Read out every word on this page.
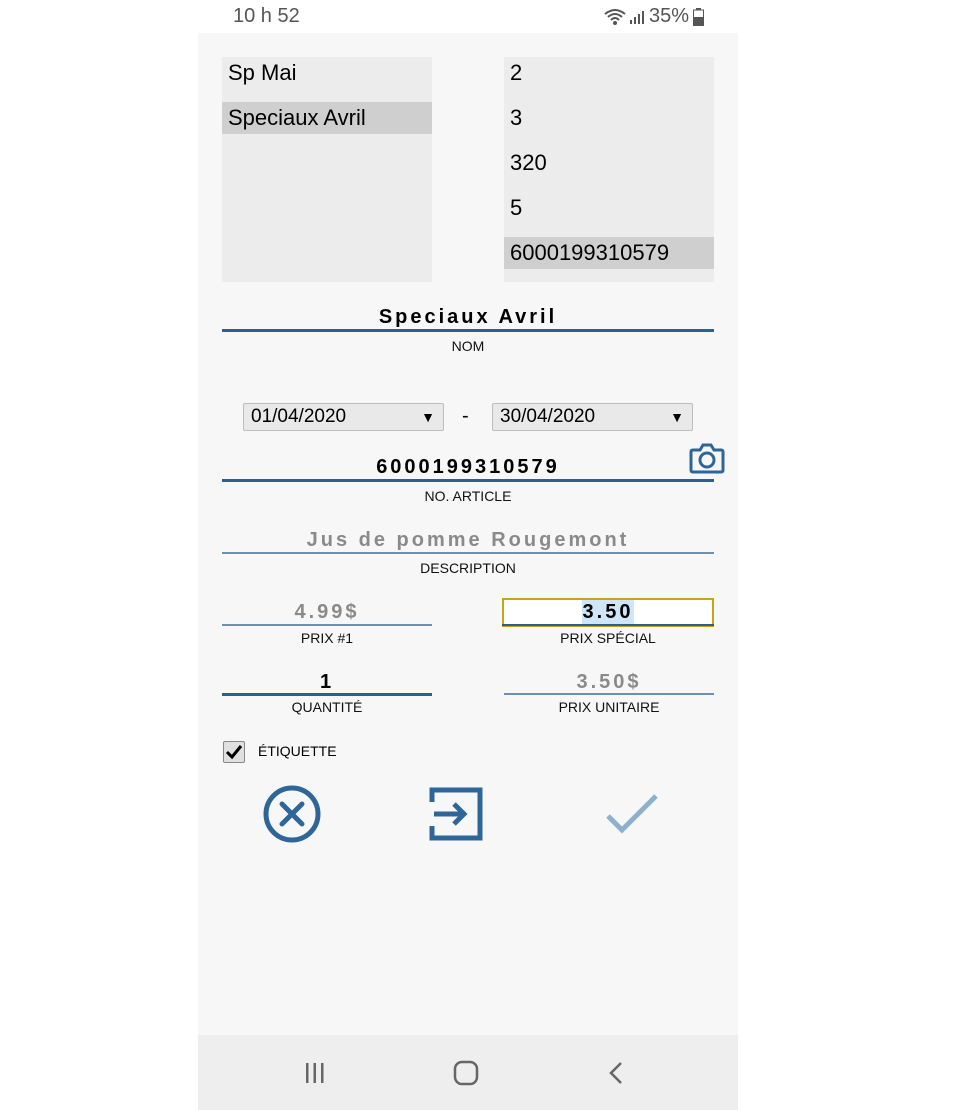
10 h 52	35%
Sp Mai
Speciaux Avril
2
3
320
5
6000199310579
Speciaux Avril
NOM
01/04/2020	▼ -	30/04/2020	▼
6000199310579
NO. ARTICLE
Jus de pomme Rougemont
DESCRIPTION
4.99$
PRIX #1
3.50
PRIX SPÉCIAL
1
QUANTITÉ
3.50$
PRIX UNITAIRE
ÉTIQUETTE
